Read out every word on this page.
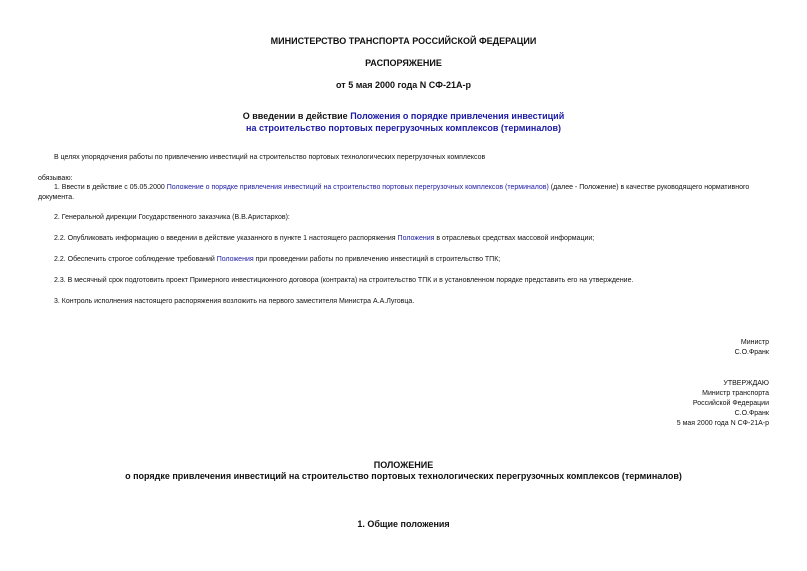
МИНИСТЕРСТВО ТРАНСПОРТА РОССИЙСКОЙ ФЕДЕРАЦИИ
РАСПОРЯЖЕНИЕ
от 5 мая 2000 года N СФ-21А-р
О введении в действие Положения о порядке привлечения инвестиций
на строительство портовых перегрузочных комплексов (терминалов)
В целях упорядочения работы по привлечению инвестиций на строительство портовых технологических перегрузочных комплексов
обязываю:
1. Ввести в действие с 05.05.2000 Положение о порядке привлечения инвестиций на строительство портовых перегрузочных комплексов (терминалов) (далее - Положение) в качестве руководящего нормативного документа.
2. Генеральной дирекции Государственного заказчика (В.В.Аристархов):
2.2. Опубликовать информацию о введении в действие указанного в пункте 1 настоящего распоряжения Положения в отраслевых средствах массовой информации;
2.2. Обеспечить строгое соблюдение требований Положения при проведении работы по привлечению инвестиций в строительство ТПК;
2.3. В месячный срок подготовить проект Примерного инвестиционного договора (контракта) на строительство ТПК и в установленном порядке представить его на утверждение.
3. Контроль исполнения настоящего распоряжения возложить на первого заместителя Министра А.А.Луговца.
Министр
С.О.Франк
УТВЕРЖДАЮ
Министр транспорта
Российской Федерации
С.О.Франк
5 мая 2000 года N СФ-21А-р
ПОЛОЖЕНИЕ
о порядке привлечения инвестиций на строительство портовых технологических перегрузочных комплексов (терминалов)
1. Общие положения
